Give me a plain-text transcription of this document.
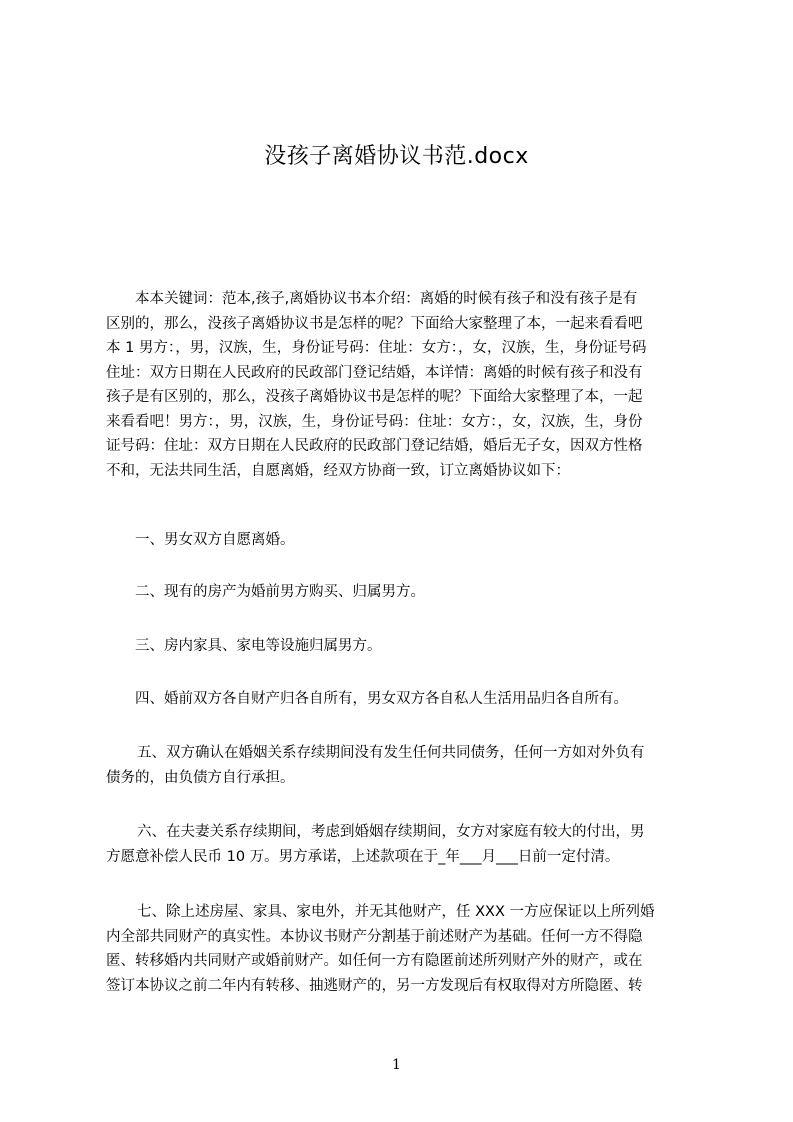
没孩子离婚协议书范.docx
本本关键词：范本,孩子,离婚协议书本介绍：离婚的时候有孩子和没有孩子是有
区别的，那么，没孩子离婚协议书是怎样的呢？下面给大家整理了本，一起来看看吧
本 1 男方：，男，汉族，生，身份证号码：住址：女方：，女，汉族，生，身份证号码
住址：双方日期在人民政府的民政部门登记结婚，本详情：离婚的时候有孩子和没有
孩子是有区别的，那么，没孩子离婚协议书是怎样的呢？下面给大家整理了本，一起
来看看吧！男方：，男，汉族，生，身份证号码：住址：女方：，女，汉族，生，身份
证号码：住址：双方日期在人民政府的民政部门登记结婚，婚后无子女，因双方性格
不和，无法共同生活，自愿离婚，经双方协商一致，订立离婚协议如下：
一、男女双方自愿离婚。
二、现有的房产为婚前男方购买、归属男方。
三、房内家具、家电等设施归属男方。
四、婚前双方各自财产归各自所有，男女双方各自私人生活用品归各自所有。
五、双方确认在婚姻关系存续期间没有发生任何共同债务，任何一方如对外负有
债务的，由负债方自行承担。
六、在夫妻关系存续期间，考虑到婚姻存续期间，女方对家庭有较大的付出，男
方愿意补偿人民币 10 万。男方承诺，上述款项在于_年___月___日前一定付清。
七、除上述房屋、家具、家电外，并无其他财产，任 XXX 一方应保证以上所列婚
内全部共同财产的真实性。本协议书财产分割基于前述财产为基础。任何一方不得隐
匿、转移婚内共同财产或婚前财产。如任何一方有隐匿前述所列财产外的财产，或在
签订本协议之前二年内有转移、抽逃财产的，另一方发现后有权取得对方所隐匿、转
1
